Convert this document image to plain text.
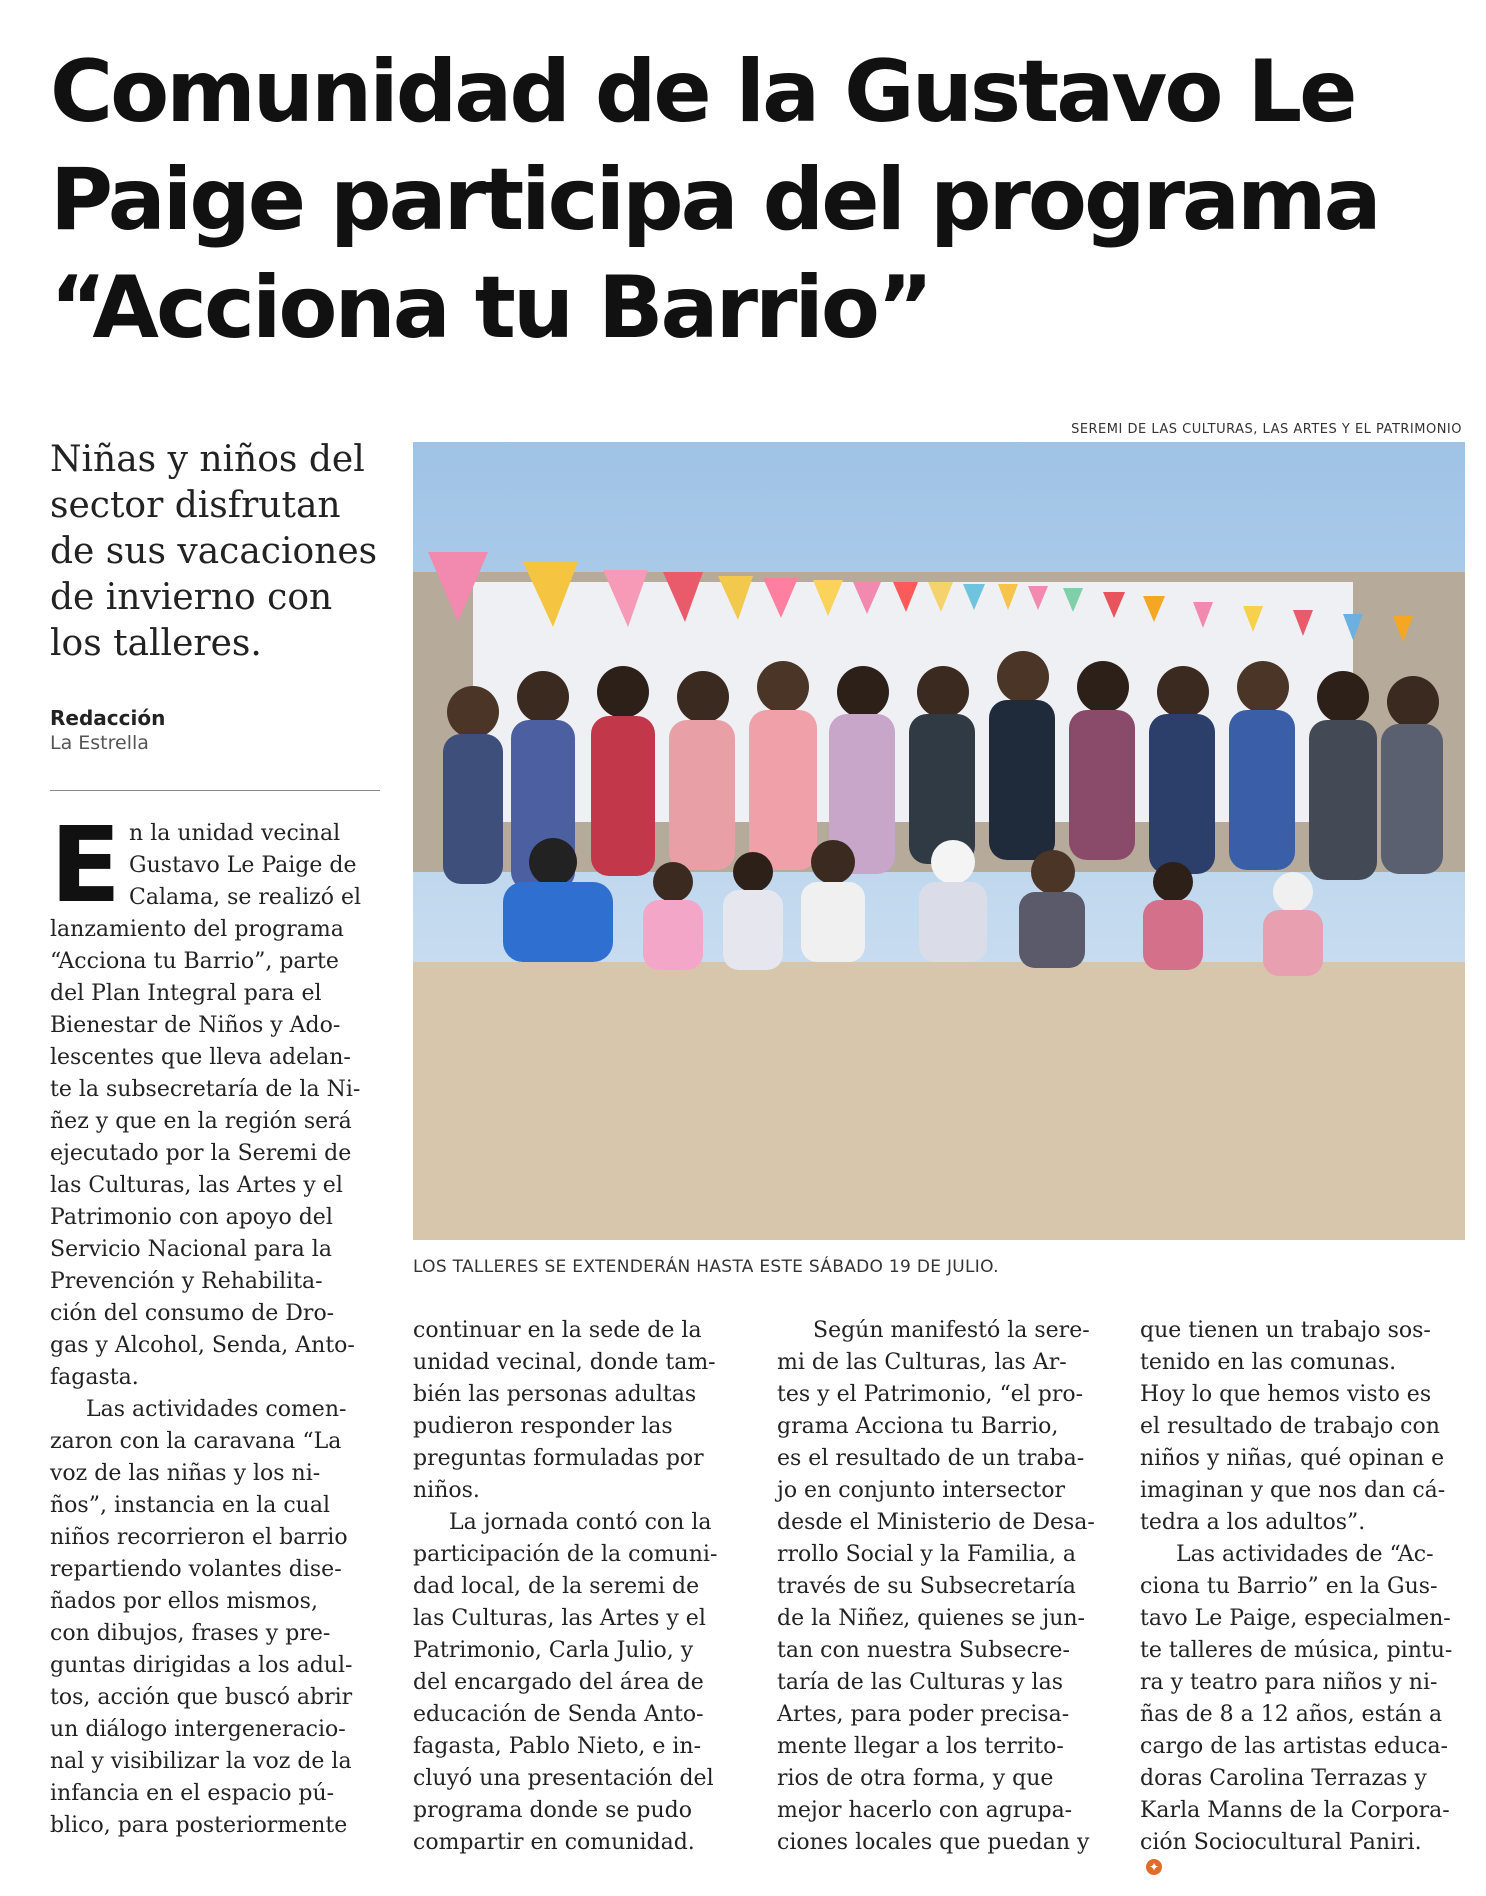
Comunidad de la Gustavo Le
Paige participa del programa
“Acciona tu Barrio”
SEREMI DE LAS CULTURAS, LAS ARTES Y EL PATRIMONIO
Niñas y niños del
sector disfrutan
de sus vacaciones
de invierno con
los talleres.
Redacción
La Estrella
LOS TALLERES SE EXTENDERÁN HASTA ESTE SÁBADO 19 DE JULIO.
E n la unidad vecinal
Gustavo Le Paige de
Calama, se realizó el
lanzamiento del programa
“Acciona tu Barrio”, parte
del Plan Integral para el
Bienestar de Niños y Ado-
lescentes que lleva adelan-
te la subsecretaría de la Ni-
ñez y que en la región será
ejecutado por la Seremi de
las Culturas, las Artes y el
Patrimonio con apoyo del
Servicio Nacional para la
Prevención y Rehabilita-
ción del consumo de Dro-
gas y Alcohol, Senda, Anto-
fagasta.
Las actividades comen-
zaron con la caravana “La
voz de las niñas y los ni-
ños”, instancia en la cual
niños recorrieron el barrio
repartiendo volantes dise-
ñados por ellos mismos,
con dibujos, frases y pre-
guntas dirigidas a los adul-
tos, acción que buscó abrir
un diálogo intergeneracio-
nal y visibilizar la voz de la
infancia en el espacio pú-
blico, para posteriormente
continuar en la sede de la
unidad vecinal, donde tam-
bién las personas adultas
pudieron responder las
preguntas formuladas por
niños.
La jornada contó con la
participación de la comuni-
dad local, de la seremi de
las Culturas, las Artes y el
Patrimonio, Carla Julio, y
del encargado del área de
educación de Senda Anto-
fagasta, Pablo Nieto, e in-
cluyó una presentación del
programa donde se pudo
compartir en comunidad.
Según manifestó la sere-
mi de las Culturas, las Ar-
tes y el Patrimonio, “el pro-
grama Acciona tu Barrio,
es el resultado de un traba-
jo en conjunto intersector
desde el Ministerio de Desa-
rrollo Social y la Familia, a
través de su Subsecretaría
de la Niñez, quienes se jun-
tan con nuestra Subsecre-
taría de las Culturas y las
Artes, para poder precisa-
mente llegar a los territo-
rios de otra forma, y que
mejor hacerlo con agrupa-
ciones locales que puedan y
que tienen un trabajo sos-
tenido en las comunas.
Hoy lo que hemos visto es
el resultado de trabajo con
niños y niñas, qué opinan e
imaginan y que nos dan cá-
tedra a los adultos”.
Las actividades de “Ac-
ciona tu Barrio” en la Gus-
tavo Le Paige, especialmen-
te talleres de música, pintu-
ra y teatro para niños y ni-
ñas de 8 a 12 años, están a
cargo de las artistas educa-
doras Carolina Terrazas y
Karla Manns de la Corpora-
ción Sociocultural Paniri.
✦
